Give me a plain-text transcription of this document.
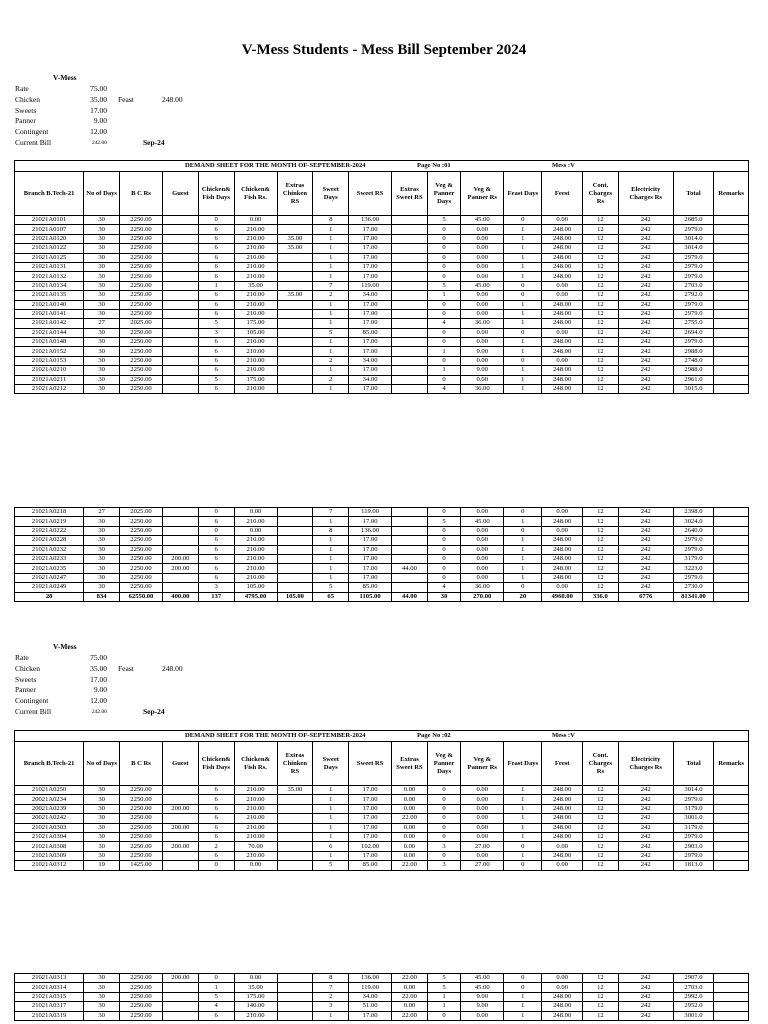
V-Mess Students - Mess Bill September 2024
V-Mess
Rate	75.00
Chicken	35.00 Feast	248.00
Sweets	17.00
Panner	9.00
Contingent	12.00
Current Bill	242.00	Sep-24
V-Mess
Rate	75.00
Chicken	35.00 Feast	248.00
Sweets	17.00
Panner	9.00
Contingent	12.00
Current Bill	242.00	Sep-24
DEMAND SHEET FOR THE MONTH OF-SEPTEMBER-2024	Page No :01	Mess :V
Branch B.Tech-21	No of Days	B C Rs	Guest	Chicken& Fish Days	Chicken& Fish Rs.	Extras Chinken RS	Sweet Days	Sweet RS	Extras Sweet RS	Veg & Panner Days	Veg & Panner Rs	Feast Days	Feest	Cont. Charges Rs	Electricity Charges Rs	Total	Remarks
21021A0101	30	2250.00		0	0.00		8	136.00		5	45.00	0	0.00	12	242	2685.0	
21021A0107	30	2250.00		6	210.00		1	17.00		0	0.00	1	248.00	12	242	2979.0	
21021A0120	30	2250.00		6	210.00	35.00	1	17.00		0	0.00	1	248.00	12	242	3014.0	
21021A0122	30	2250.00		6	210.00	35.00	1	17.00		0	0.00	1	248.00	12	242	3014.0	
21021A0125	30	2250.00		6	210.00		1	17.00		0	0.00	1	248.00	12	242	2979.0	
21021A0131	30	2250.00		6	210.00		1	17.00		0	0.00	1	248.00	12	242	2979.0	
21021A0132	30	2250.00		6	210.00		1	17.00		0	0.00	1	248.00	12	242	2979.0	
21021A0134	30	2250.00		1	35.00		7	119.00		5	45.00	0	0.00	12	242	2703.0	
21021A0135	30	2250.00		6	210.00	35.00	2	34.00		1	9.00	0	0.00	12	242	2792.0	
21021A0140	30	2250.00		6	210.00		1	17.00		0	0.00	1	248.00	12	242	2979.0	
21021A0141	30	2250.00		6	210.00		1	17.00		0	0.00	1	248.00	12	242	2979.0	
21021A0142	27	2025.00		5	175.00		1	17.00		4	36.00	1	248.00	12	242	2755.0	
21021A0144	30	2250.00		3	105.00		5	85.00		0	0.00	0	0.00	12	242	2694.0	
21021A0148	30	2250.00		6	210.00		1	17.00		0	0.00	1	248.00	12	242	2979.0	
21021A0152	30	2250.00		6	210.00		1	17.00		1	9.00	1	248.00	12	242	2988.0	
21021A0153	30	2250.00		6	210.00		2	34.00		0	0.00	0	0.00	12	242	2748.0	
21021A0210	30	2250.00		6	210.00		1	17.00		1	9.00	1	248.00	12	242	2988.0	
21021A0211	30	2250.00		5	175.00		2	34.00		0	0.00	1	248.00	12	242	2961.0	
21021A0212	30	2250.00		6	210.00		1	17.00		4	36.00	1	248.00	12	242	3015.0	
21021A0218	27	2025.00		0	0.00		7	119.00		0	0.00	0	0.00	12	242	2398.0	
21021A0219	30	2250.00		6	210.00		1	17.00		5	45.00	1	248.00	12	242	3024.0	
21021A0222	30	2250.00		0	0.00		8	136.00		0	0.00	0	0.00	12	242	2640.0	
21021A0228	30	2250.00		6	210.00		1	17.00		0	0.00	1	248.00	12	242	2979.0	
21021A0232	30	2250.00		6	210.00		1	17.00		0	0.00	1	248.00	12	242	2979.0	
21021A0233	30	2250.00	200.00	6	210.00		1	17.00		0	0.00	1	248.00	12	242	3179.0	
21021A0235	30	2250.00	200.00	6	210.00		1	17.00	44.00	0	0.00	1	248.00	12	242	3223.0	
21021A0247	30	2250.00		6	210.00		1	17.00		0	0.00	1	248.00	12	242	2979.0	
21021A0249	30	2250.00		3	105.00		5	85.00		4	36.00	0	0.00	12	242	2730.0	
28	834	62550.00	400.00	137	4795.00	105.00	65	1105.00	44.00	30	270.00	20	4960.00	336.0	6776	81341.00	
DEMAND SHEET FOR THE MONTH OF-SEPTEMBER-2024	Page No :02	Mess :V
Branch B.Tech-21	No of Days	B C Rs	Guest	Chicken& Fish Days	Chicken& Fish Rs.	Extras Chinken RS	Sweet Days	Sweet RS	Extras Sweet RS	Veg & Panner Days	Veg & Panner Rs	Feast Days	Feest	Cont. Charges Rs	Electricity Charges Rs	Total	Remarks
21021A0250	30	2250.00		6	210.00	35.00	1	17.00	0.00	0	0.00	1	248.00	12	242	3014.0	
20021A0234	30	2250.00		6	210.00		1	17.00	0.00	0	0.00	1	248.00	12	242	2979.0	
20021A0239	30	2250.00	200.00	6	210.00		1	17.00	0.00	0	0.00	1	248.00	12	242	3179.0	
20021A0242	30	2250.00		6	210.00		1	17.00	22.00	0	0.00	1	248.00	12	242	3001.0	
21021A0303	30	2250.00	200.00	6	210.00		1	17.00	0.00	0	0.00	1	248.00	12	242	3179.0	
21021A0304	30	2250.00		6	210.00		1	17.00	0.00	0	0.00	1	248.00	12	242	2979.0	
21021A0308	30	2250.00	200.00	2	70.00		6	102.00	0.00	3	27.00	0	0.00	12	242	2903.0	
21021A0309	30	2250.00		6	210.00		1	17.00	0.00	0	0.00	1	248.00	12	242	2979.0	
21021A0312	19	1425.00		0	0.00		5	85.00	22.00	3	27.00	0	0.00	12	242	1813.0	
21021A0313	30	2250.00	200.00	0	0.00		8	136.00	22.00	5	45.00	0	0.00	12	242	2907.0	
21021A0314	30	2250.00		1	35.00		7	119.00	0.00	5	45.00	0	0.00	12	242	2703.0	
21021A0315	30	2250.00		5	175.00		2	34.00	22.00	1	9.00	1	248.00	12	242	2992.0	
21021A0317	30	2250.00		4	140.00		3	51.00	0.00	1	9.00	1	248.00	12	242	2952.0	
21021A0319	30	2250.00		6	210.00		1	17.00	22.00	0	0.00	1	248.00	12	242	3001.0	
